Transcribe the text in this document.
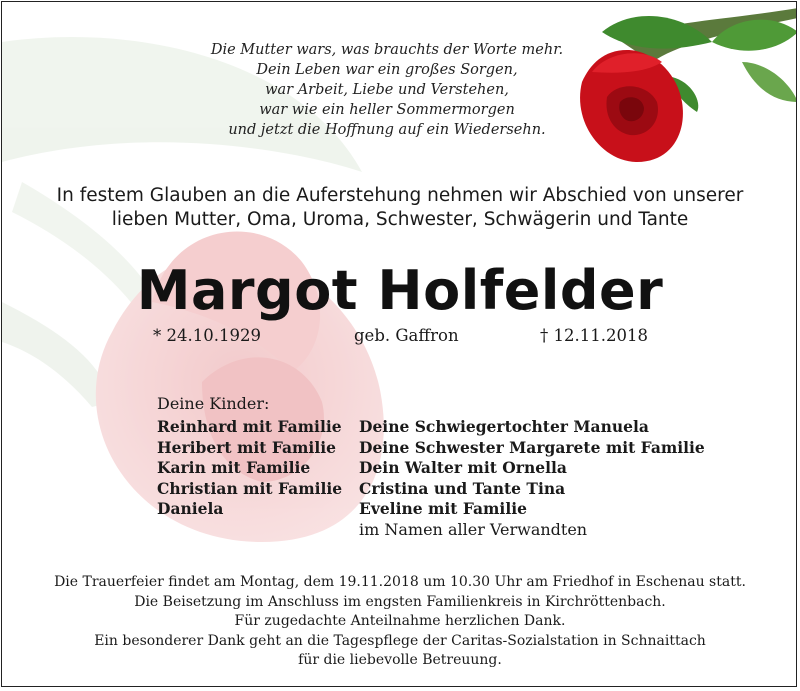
Die Mutter wars, was brauchts der Worte mehr.
Dein Leben war ein großes Sorgen,
war Arbeit, Liebe und Verstehen,
war wie ein heller Sommermorgen
und jetzt die Hoffnung auf ein Wiedersehn.
In festem Glauben an die Auferstehung nehmen wir Abschied von unserer
lieben Mutter, Oma, Uroma, Schwester, Schwägerin und Tante
Margot Holfelder
* 24.10.1929	geb. Gaffron	† 12.11.2018
Deine Kinder:
Reinhard mit Familie
Heribert mit Familie
Karin mit Familie
Christian mit Familie
Daniela
Deine Schwiegertochter Manuela
Deine Schwester Margarete mit Familie
Dein Walter mit Ornella
Cristina und Tante Tina
Eveline mit Familie
im Namen aller Verwandten
Die Trauerfeier findet am Montag, dem 19.11.2018 um 10.30 Uhr am Friedhof in Eschenau statt.
Die Beisetzung im Anschluss im engsten Familienkreis in Kirchröttenbach.
Für zugedachte Anteilnahme herzlichen Dank.
Ein besonderer Dank geht an die Tagespflege der Caritas-Sozialstation in Schnaittach
für die liebevolle Betreuung.
